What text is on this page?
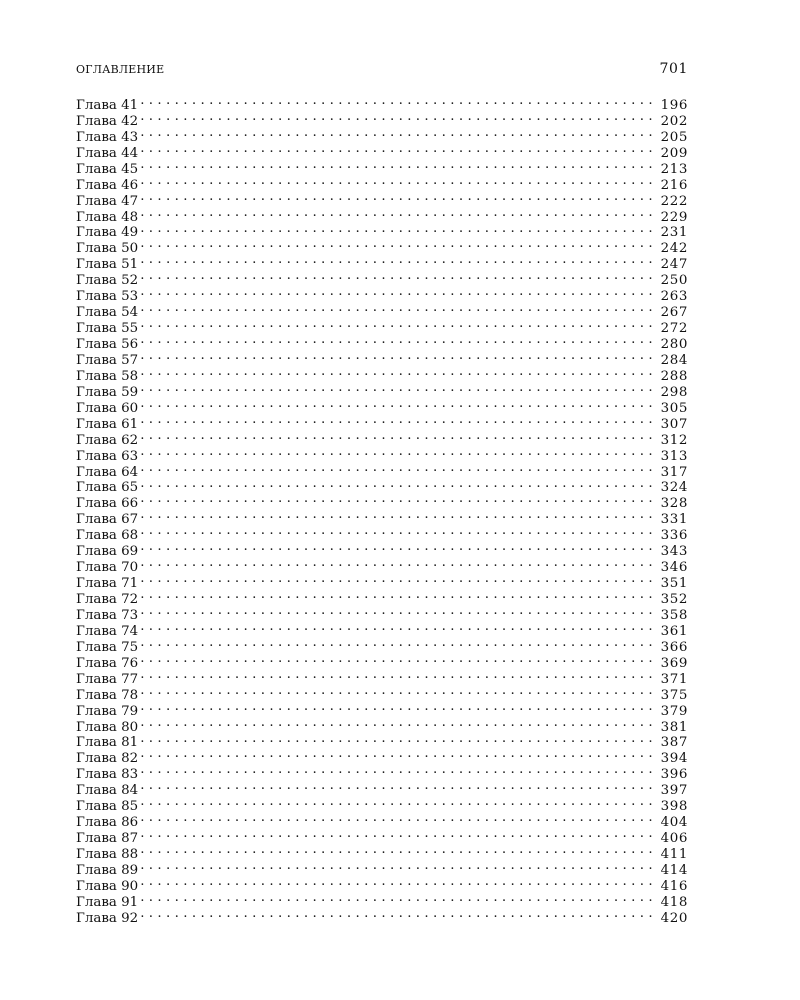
ОГЛАВЛЕНИЕ	701
Глава 41 . . .	196
Глава 42 . . .	202
Глава 43 . . .	205
Глава 44 . . .	209
Глава 45 . . .	213
Глава 46 . . .	216
Глава 47 . . .	222
Глава 48 . . .	229
Глава 49 . . .	231
Глава 50 . . .	242
Глава 51 . . .	247
Глава 52 . . .	250
Глава 53 . . .	263
Глава 54 . . .	267
Глава 55 . . .	272
Глава 56 . . .	280
Глава 57 . . .	284
Глава 58 . . .	288
Глава 59 . . .	298
Глава 60 . . .	305
Глава 61 . . .	307
Глава 62 . . .	312
Глава 63 . . .	313
Глава 64 . . .	317
Глава 65 . . .	324
Глава 66 . . .	328
Глава 67 . . .	331
Глава 68 . . .	336
Глава 69 . . .	343
Глава 70 . . .	346
Глава 71 . . .	351
Глава 72 . . .	352
Глава 73 . . .	358
Глава 74 . . .	361
Глава 75 . . .	366
Глава 76 . . .	369
Глава 77 . . .	371
Глава 78 . . .	375
Глава 79 . . .	379
Глава 80 . . .	381
Глава 81 . . .	387
Глава 82 . . .	394
Глава 83 . . .	396
Глава 84 . . .	397
Глава 85 . . .	398
Глава 86 . . .	404
Глава 87 . . .	406
Глава 88 . . .	411
Глава 89 . . .	414
Глава 90 . . .	416
Глава 91 . . .	418
Глава 92 . . .	420
